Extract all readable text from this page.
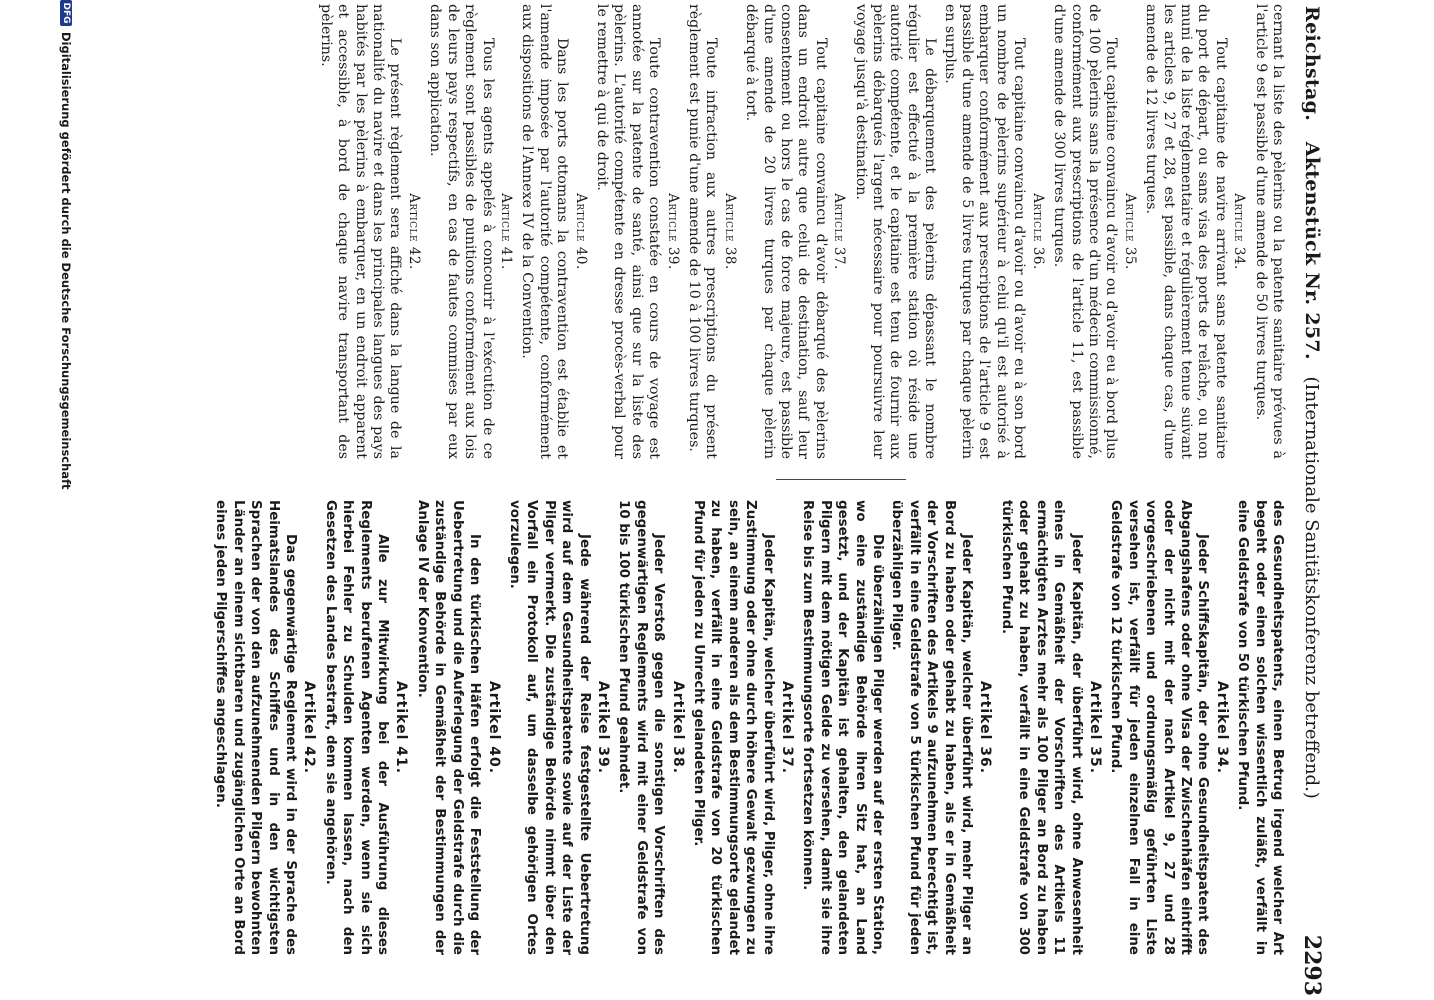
Reichstag. Aktenstück Nr. 257. (Internationale Sanitätskonferenz betreffend.)
2293

cernant la liste des pèlerins ou la patente sanitaire prévues à l'article 9 est passible d'une amende de 50 livres turques.

Article 34.

Tout capitaine de navire arrivant sans patente sanitaire du port de départ, ou sans visa des ports de relâche, ou non muni de la liste réglementaire et régulièrement tenue suivant les articles 9, 27 et 28, est passible, dans chaque cas, d'une amende de 12 livres turques.

Article 35.

Tout capitaine convaincu d'avoir ou d'avoir eu à bord plus de 100 pèlerins sans la présence d'un médecin commissionné, conformément aux prescriptions de l'article 11, est passible d'une amende de 300 livres turques.

Article 36.

Tout capitaine convaincu d'avoir ou d'avoir eu à son bord un nombre de pèlerins supérieur à celui qu'il est autorisé à embarquer conformément aux prescriptions de l'article 9 est passible d'une amende de 5 livres turques par chaque pèlerin en surplus.

Le débarquement des pèlerins dépassant le nombre régulier est effectué à la première station où réside une autorité compétente, et le capitaine est tenu de fournir aux pèlerins débarqués l'argent nécessaire pour poursuivre leur voyage jusqu'à destination.

Article 37.

Tout capitaine convaincu d'avoir débarqué des pèlerins dans un endroit autre que celui de destination, sauf leur consentement ou hors le cas de force majeure, est passible d'une amende de 20 livres turques par chaque pèlerin débarqué à tort.

Article 38.

Toute infraction aux autres prescriptions du présent règlement est punie d'une amende de 10 à 100 livres turques.

Article 39.

Toute contravention constatée en cours de voyage est annotée sur la patente de santé, ainsi que sur la liste des pèlerins. L'autorité compétente en dresse procès-verbal pour le remettre à qui de droit.

Article 40.

Dans les ports ottomans la contravention est établie et l'amende imposée par l'autorité compétente, conformément aux dispositions de l'Annexe IV de la Convention.

Article 41.

Tous les agents appelés à concourir à l'exécution de ce règlement sont passibles de punitions conformément aux lois de leurs pays respectifs, en cas de fautes commises par eux dans son application.

Article 42.

Le présent règlement sera affiché dans la langue de la nationalité du navire et dans les principales langues des pays habités par les pèlerins à embarquer, en un endroit apparent et accessible, à bord de chaque navire transportant des pèlerins.

des Gesundheitspatents, einen Betrug irgend welcher Art begeht oder einen solchen wissentlich zuläßt, verfällt in eine Geldstrafe von 50 türkischen Pfund.

Artikel 34.

Jeder Schiffskapitän, der ohne Gesundheitspatent des Abgangshafens oder ohne Visa der Zwischenhäfen eintrifft oder der nicht mit der nach Artikel 9, 27 und 28 vorgeschriebenen und ordnungsmäßig geführten Liste versehen ist, verfällt für jeden einzelnen Fall in eine Geldstrafe von 12 türkischen Pfund.

Artikel 35.

Jeder Kapitän, der überführt wird, ohne Anwesenheit eines in Gemäßheit der Vorschriften des Artikels 11 ermächtigten Arztes mehr als 100 Pilger an Bord zu haben oder gehabt zu haben, verfällt in eine Geldstrafe von 300 türkischen Pfund.

Artikel 36.

Jeder Kapitän, welcher überführt wird, mehr Pilger an Bord zu haben oder gehabt zu haben, als er in Gemäßheit der Vorschriften des Artikels 9 aufzunehmen berechtigt ist, verfällt in eine Geldstrafe von 5 türkischen Pfund für jeden überzähligen Pilger.

Die überzähligen Pilger werden auf der ersten Station, wo eine zuständige Behörde ihren Sitz hat, an Land gesetzt, und der Kapitän ist gehalten, den gelandeten Pilgern mit dem nötigen Gelde zu versehen, damit sie ihre Reise bis zum Bestimmungsorte fortsetzen können.

Artikel 37.

Jeder Kapitän, welcher überführt wird, Pilger, ohne ihre Zustimmung oder ohne durch höhere Gewalt gezwungen zu sein, an einem anderen als dem Bestimmungsorte gelandet zu haben, verfällt in eine Geldstrafe von 20 türkischen Pfund für jeden zu Unrecht gelandeten Pilger.

Artikel 38.

Jeder Verstoß gegen die sonstigen Vorschriften des gegenwärtigen Reglements wird mit einer Geldstrafe von 10 bis 100 türkischen Pfund geahndet.

Artikel 39.

Jede während der Reise festgestellte Uebertretung wird auf dem Gesundheitspatente sowie auf der Liste der Pilger vermerkt. Die zuständige Behörde nimmt über den Vorfall ein Protokoll auf, um dasselbe gehörigen Ortes vorzulegen.

Artikel 40.

In den türkischen Häfen erfolgt die Feststellung der Uebertretung und die Auferlegung der Geldstrafe durch die zuständige Behörde in Gemäßheit der Bestimmungen der Anlage IV der Konvention.

Artikel 41.

Alle zur Mitwirkung bei der Ausführung dieses Reglements berufenen Agenten werden, wenn sie sich hierbei Fehler zu Schulden kommen lassen, nach den Gesetzen des Landes bestraft, dem sie angehören.

Artikel 42.

Das gegenwärtige Reglement wird in der Sprache des Heimatslandes des Schiffes und in den wichtigsten Sprachen der von den aufzunehmenden Pilgern bewohnten Länder an einem sichtbaren und zugänglichen Orte an Bord eines jeden Pilgerschiffes angeschlagen.

DFG
Digitalisierung gefördert durch die Deutsche Forschungsgemeinschaft
